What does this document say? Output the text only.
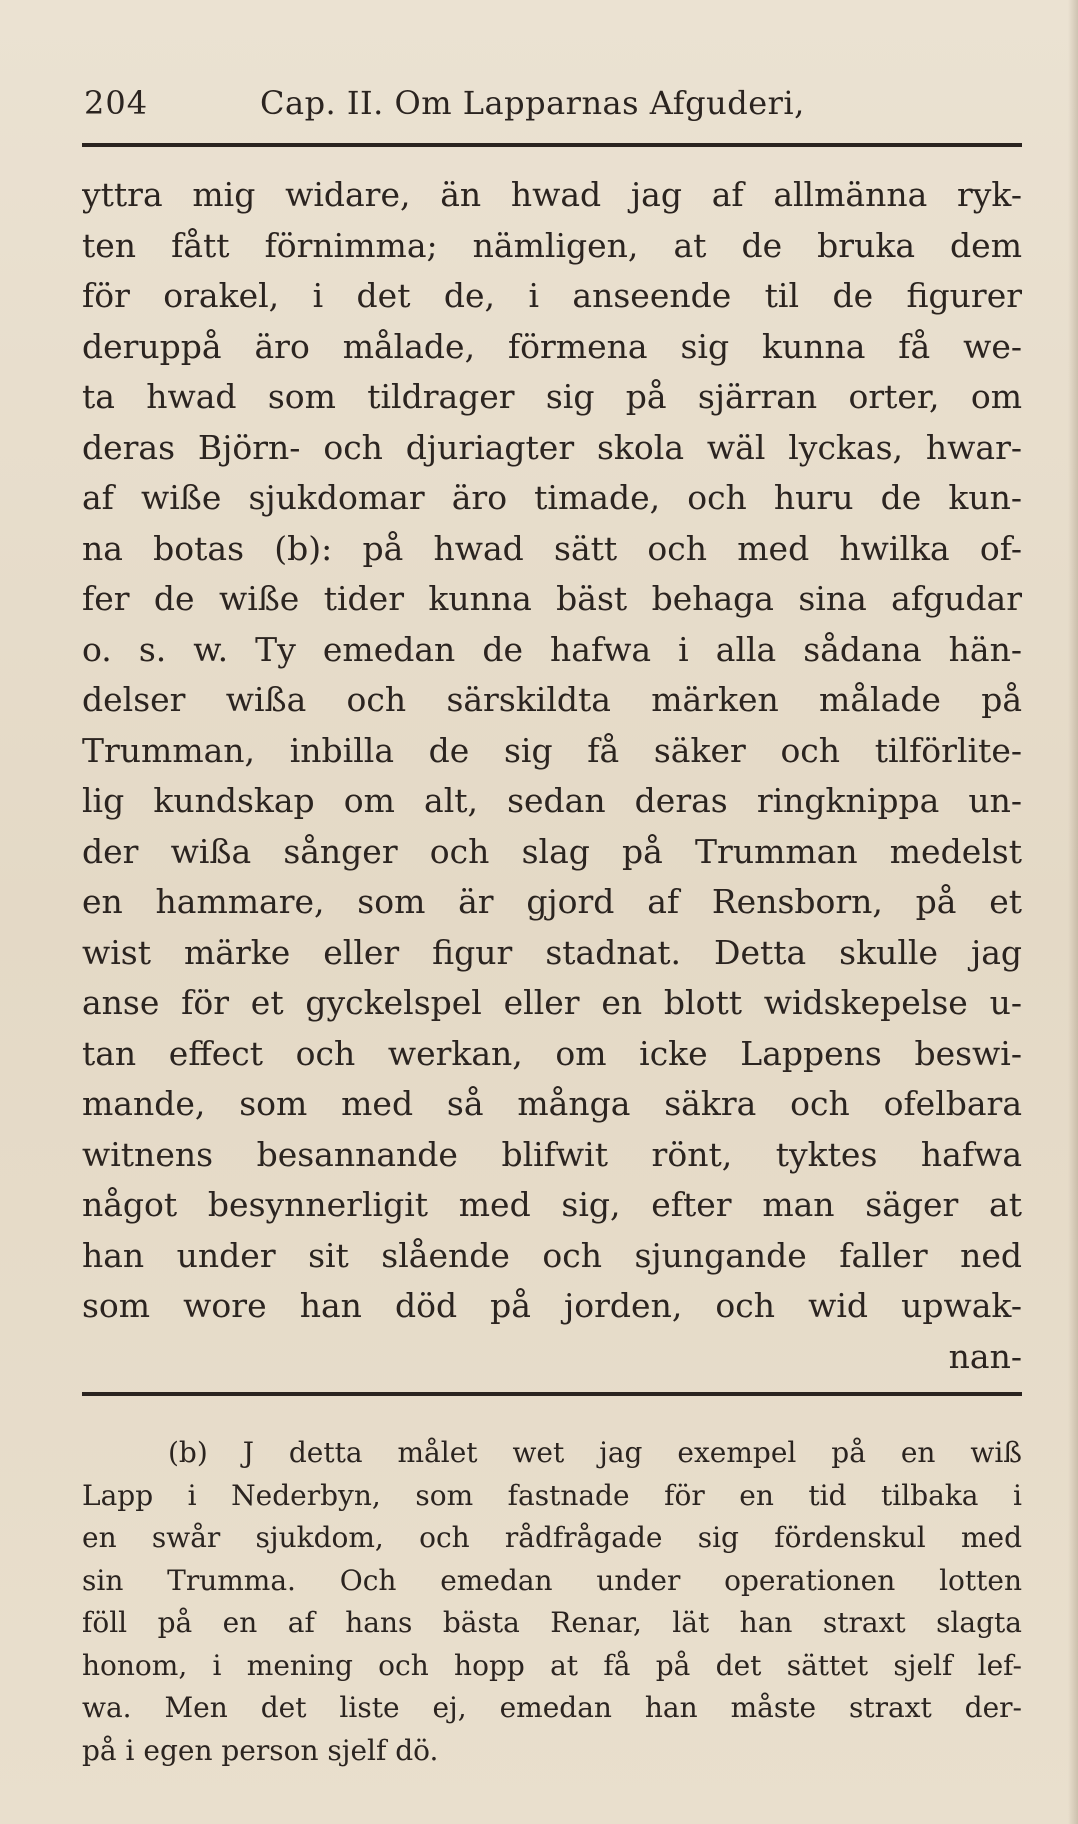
204	Cap. II. Om Lapparnas Afguderi,
yttra mig widare, än hwad jag af allmänna ryk-
ten fått förnimma; nämligen, at de bruka dem
för orakel, i det de, i anseende til de figurer
deruppå äro målade, förmena sig kunna få we-
ta hwad som tildrager sig på sjärran orter, om
deras Björn- och djuriagter skola wäl lyckas, hwar-
af wiße sjukdomar äro timade, och huru de kun-
na botas (b): på hwad sätt och med hwilka of-
fer de wiße tider kunna bäst behaga sina afgudar
o. s. w. Ty emedan de hafwa i alla sådana hän-
delser wißa och särskildta märken målade på
Trumman, inbilla de sig få säker och tilförlite-
lig kundskap om alt, sedan deras ringknippa un-
der wißa sånger och slag på Trumman medelst
en hammare, som är gjord af Rensborn, på et
wist märke eller figur stadnat. Detta skulle jag
anse för et gyckelspel eller en blott widskepelse u-
tan effect och werkan, om icke Lappens beswi-
mande, som med så många säkra och ofelbara
witnens besannande blifwit rönt, tyktes hafwa
något besynnerligit med sig, efter man säger at
han under sit slående och sjungande faller ned
som wore han död på jorden, och wid upwak-
nan-
(b) J detta målet wet jag exempel på en wiß
Lapp i Nederbyn, som fastnade för en tid tilbaka i
en swår sjukdom, och rådfrågade sig fördenskul med
sin Trumma. Och emedan under operationen lotten
föll på en af hans bästa Renar, lät han straxt slagta
honom, i mening och hopp at få på det sättet sjelf lef-
wa. Men det liste ej, emedan han måste straxt der-
på i egen person sjelf dö.
